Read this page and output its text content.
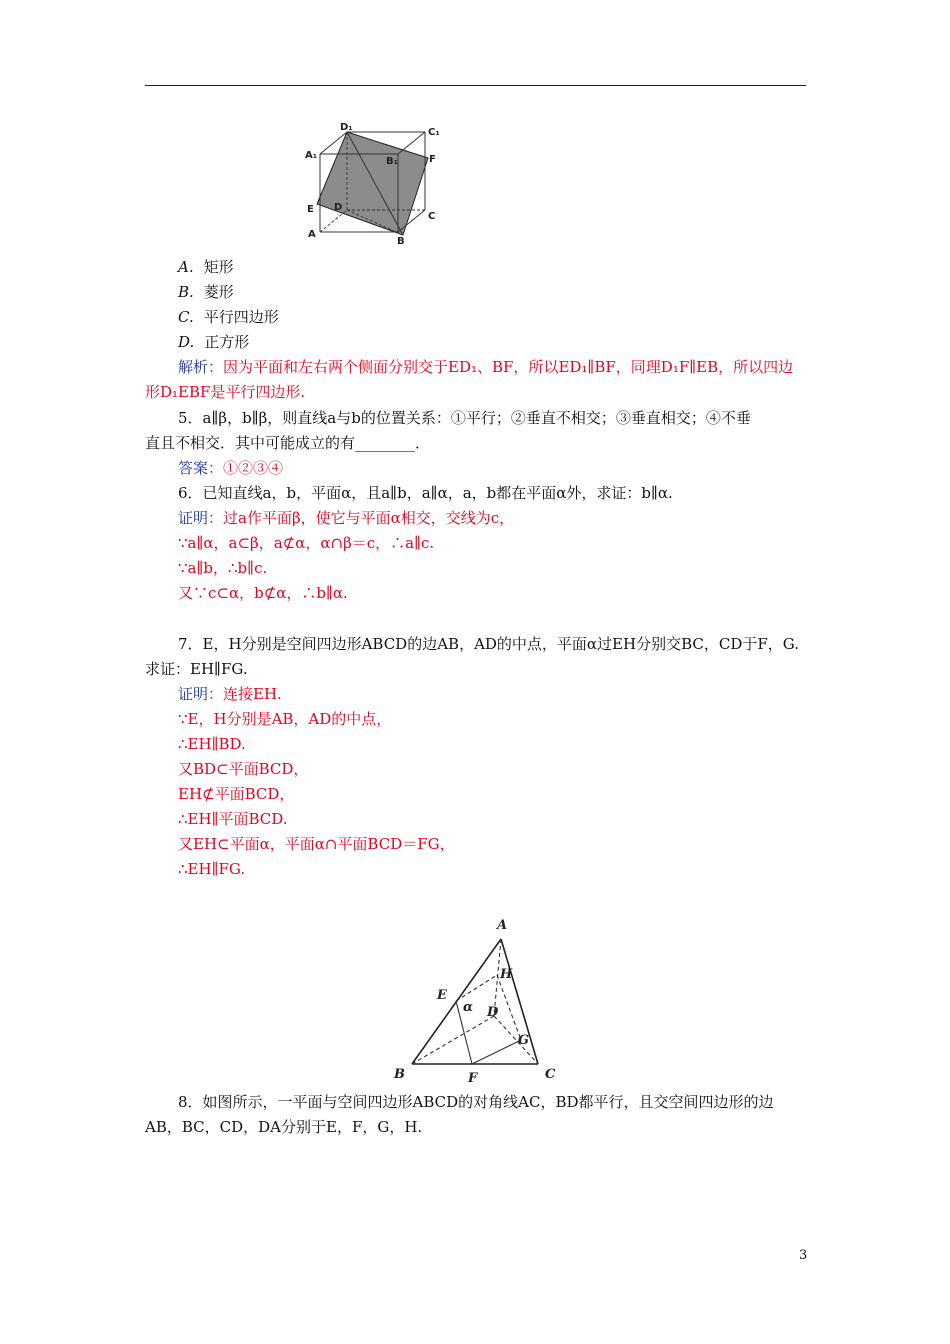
D₁	C₁
A₁
B₁	F
E D
C
A
B
A. 矩形
B. 菱形
C. 平行四边形
D. 正方形
解析：因为平面和左右两个侧面分别交于ED₁、BF，所以ED₁∥BF，同理D₁F∥EB，所以四边
形D₁EBF是平行四边形.
5．a∥β，b∥β，则直线a与b的位置关系：①平行；②垂直不相交；③垂直相交；④不垂
直且不相交．其中可能成立的有________．
答案：①②③④
6．已知直线a，b，平面α，且a∥b，a∥α，a，b都在平面α外，求证：b∥α.
证明：过a作平面β，使它与平面α相交，交线为c，
∵a∥α，a⊂β，a⊄α，α∩β＝c，∴a∥c.
∵a∥b，∴b∥c.
又∵c⊂α，b⊄α，∴b∥α.
7．E，H分别是空间四边形ABCD的边AB，AD的中点，平面α过EH分别交BC，CD于F，G.
求证：EH∥FG.
证明：连接EH.
∵E，H分别是AB，AD的中点，
∴EH∥BD.
又BD⊂平面BCD，
EH⊄平面BCD，
∴EH∥平面BCD.
又EH⊂平面α，平面α∩平面BCD＝FG，
∴EH∥FG.
A
H
E
α D
G
B	F	C
8．如图所示，一平面与空间四边形ABCD的对角线AC，BD都平行，且交空间四边形的边
AB，BC，CD，DA分别于E，F，G，H.
3
